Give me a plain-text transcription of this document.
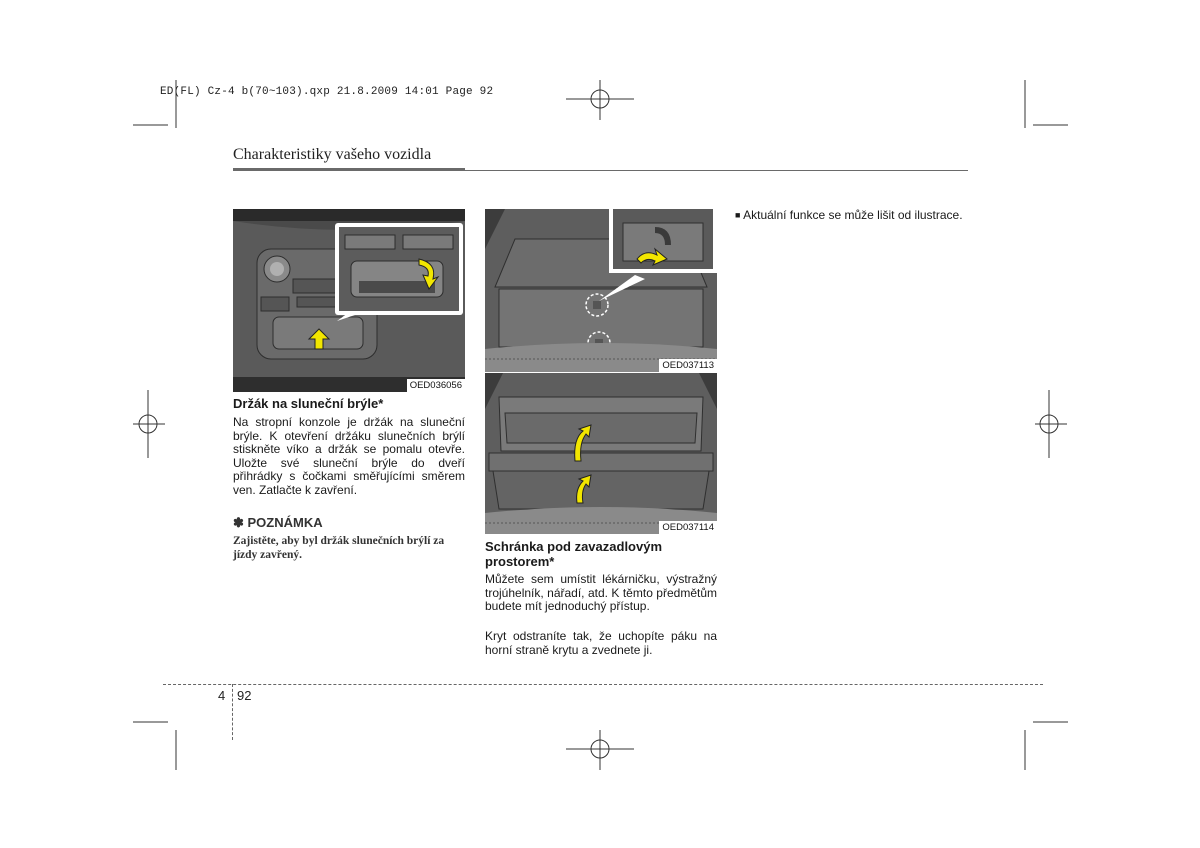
ED(FL) Cz-4 b(70~103).qxp 21.8.2009 14:01 Page 92
Charakteristiky vašeho vozidla
OED036056
Držák na sluneční brýle*
Na stropní konzole je držák na sluneční brýle. K otevření držáku slunečních brýlí stiskněte víko a držák se pomalu otevře. Uložte své sluneční brýle do dveří přihrádky s čočkami směřujícími směrem ven. Zatlačte k zavření.
✽ POZNÁMKA
Zajistěte, aby byl držák slunečních brýlí za jízdy zavřený.
OED037113
OED037114
Schránka pod zavazadlovým prostorem*
Můžete sem umístit lékárničku, výstražný trojúhelník, nářadí, atd. K těmto předmětům budete mít jednoduchý přístup.
Kryt odstraníte tak, že uchopíte páku na horní straně krytu a zvednete ji.
■ Aktuální funkce se může lišit od ilustrace.
4 92
